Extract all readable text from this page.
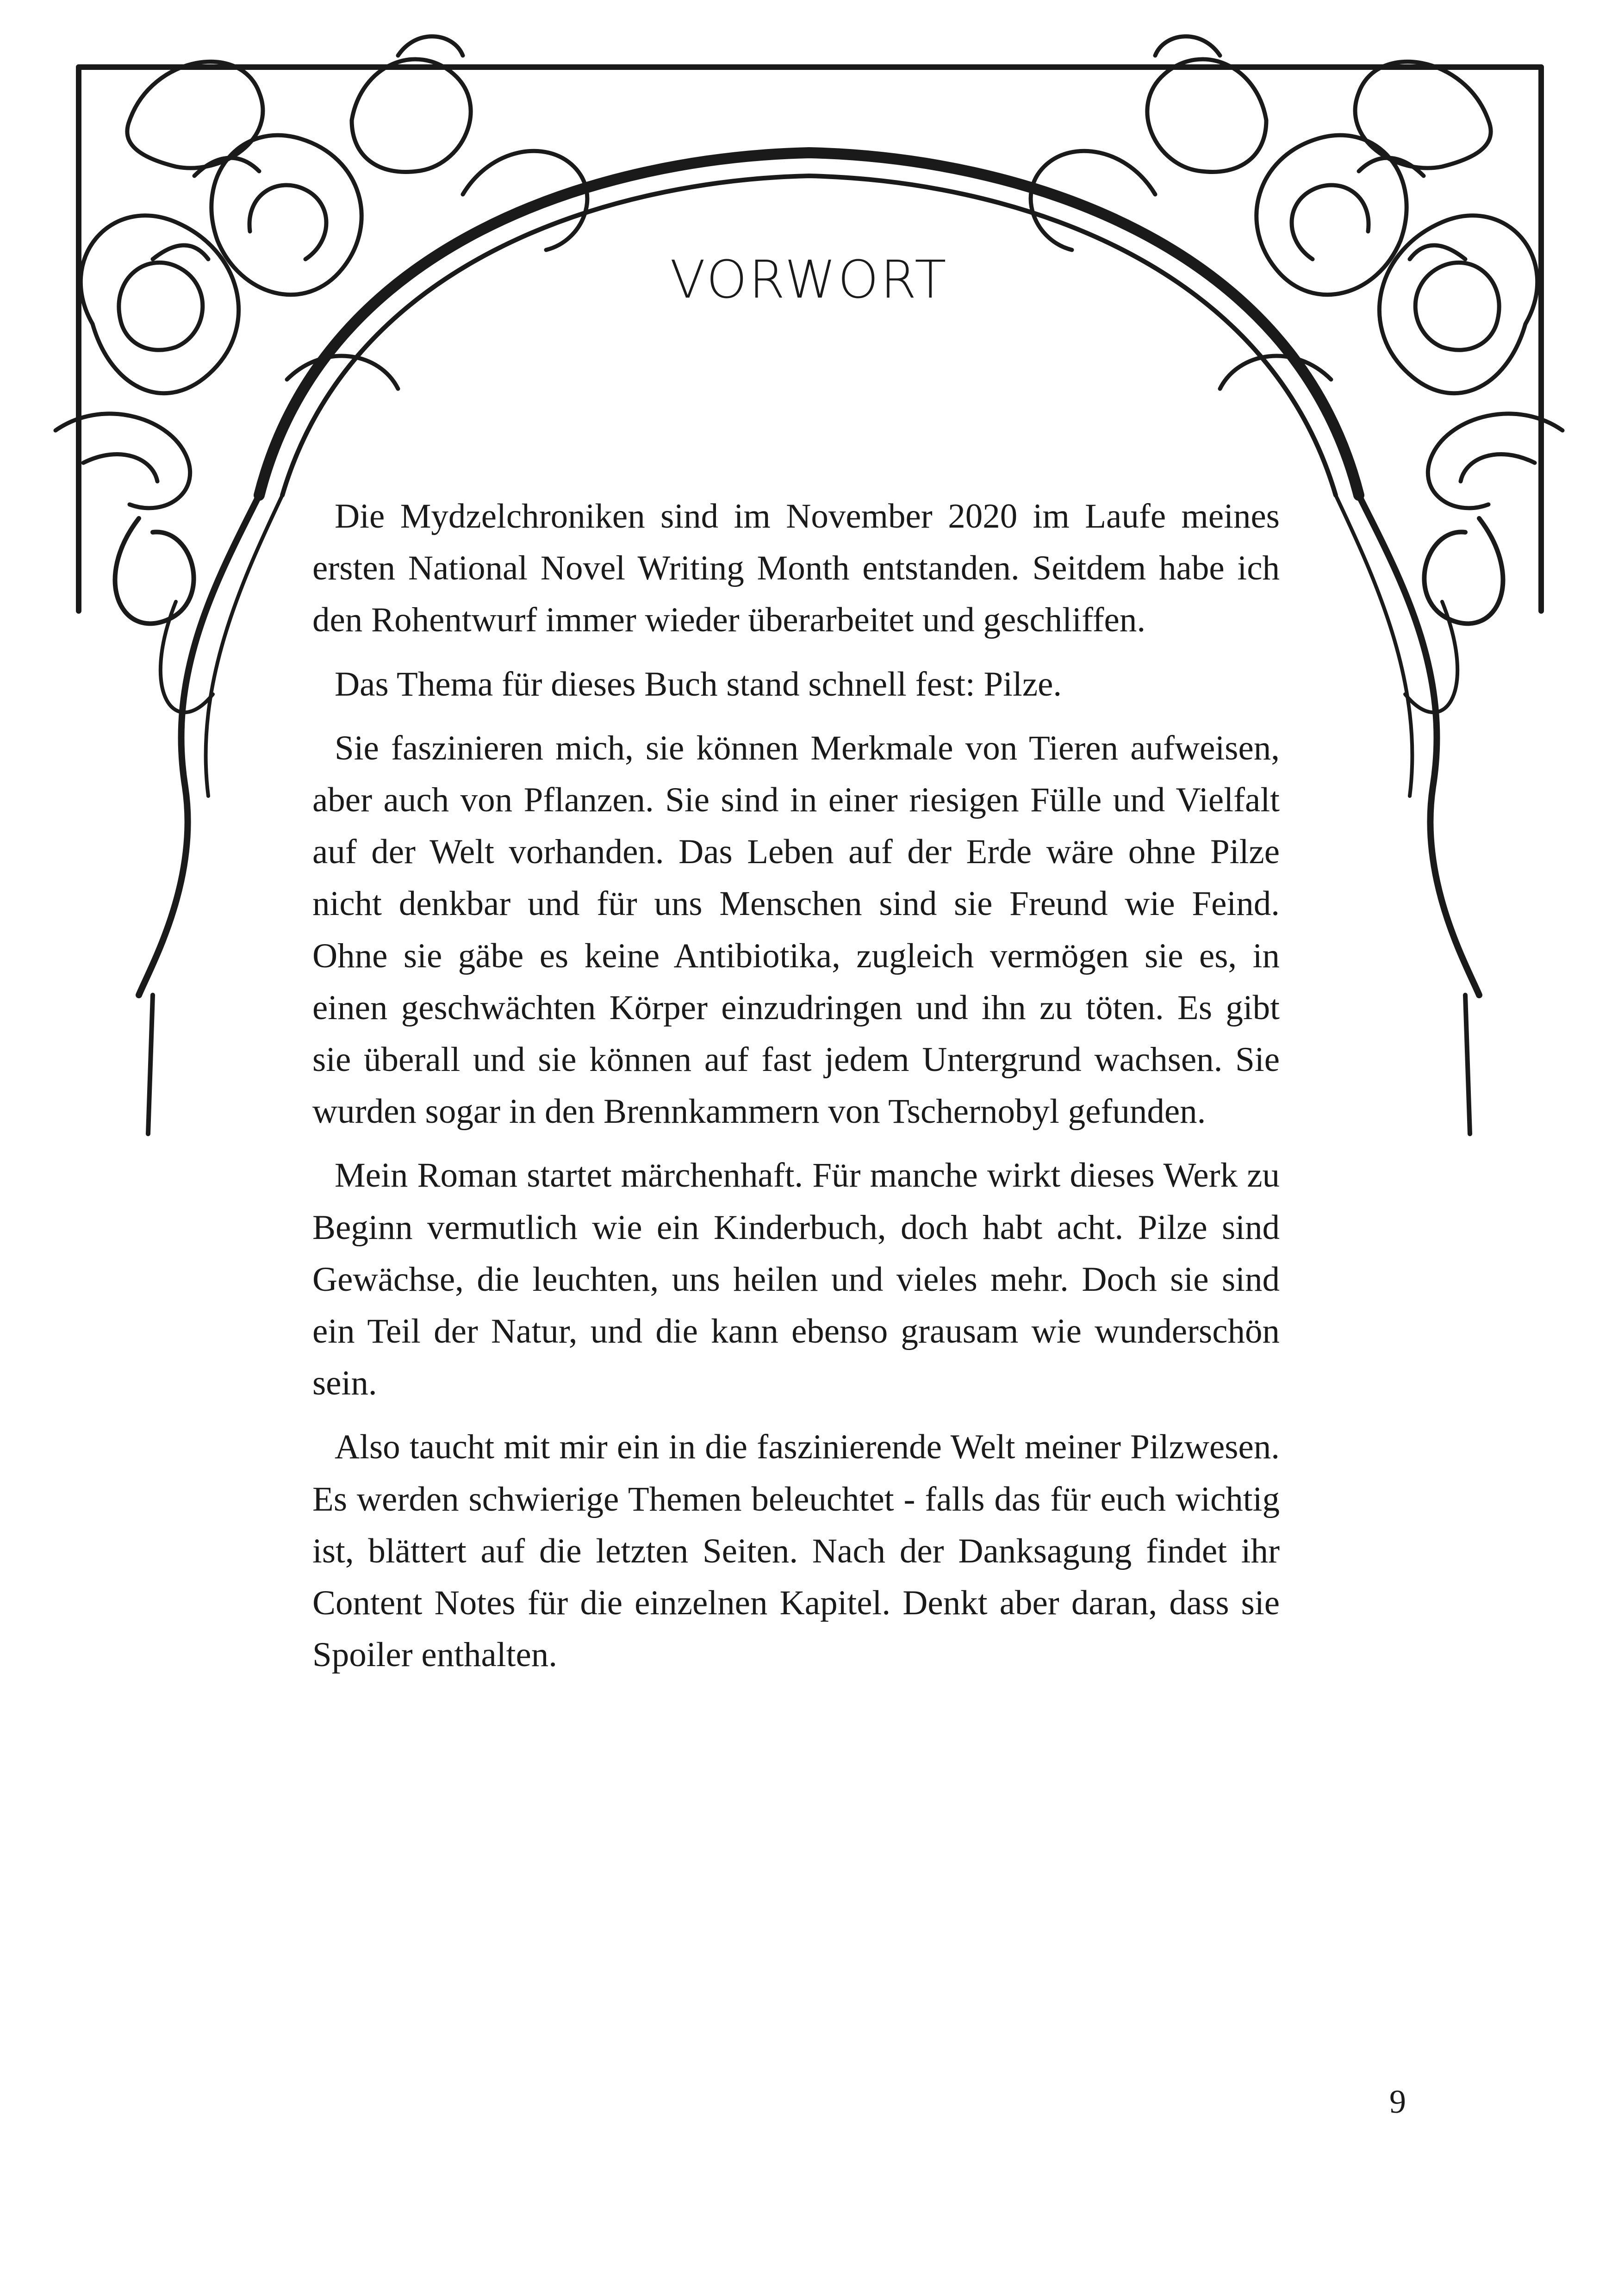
VORWORT

Die Mydzelchroniken sind im November 2020 im Laufe meines ersten National Novel Writing Month entstanden. Seitdem habe ich den Rohentwurf immer wieder überarbeitet und geschliffen.

Das Thema für dieses Buch stand schnell fest: Pilze.

Sie faszinieren mich, sie können Merkmale von Tieren aufweisen, aber auch von Pflanzen. Sie sind in einer riesigen Fülle und Vielfalt auf der Welt vorhanden. Das Leben auf der Erde wäre ohne Pilze nicht denkbar und für uns Menschen sind sie Freund wie Feind. Ohne sie gäbe es keine Antibiotika, zugleich vermögen sie es, in einen geschwächten Körper einzudringen und ihn zu töten. Es gibt sie überall und sie können auf fast jedem Untergrund wachsen. Sie wurden sogar in den Brennkammern von Tschernobyl gefunden.

Mein Roman startet märchenhaft. Für manche wirkt dieses Werk zu Beginn vermutlich wie ein Kinderbuch, doch habt acht. Pilze sind Gewächse, die leuchten, uns heilen und vieles mehr. Doch sie sind ein Teil der Natur, und die kann ebenso grausam wie wunderschön sein.

Also taucht mit mir ein in die faszinierende Welt meiner Pilzwesen. Es werden schwierige Themen beleuchtet - falls das für euch wichtig ist, blättert auf die letzten Seiten. Nach der Danksagung findet ihr Content Notes für die einzelnen Kapitel. Denkt aber daran, dass sie Spoiler enthalten.

9
